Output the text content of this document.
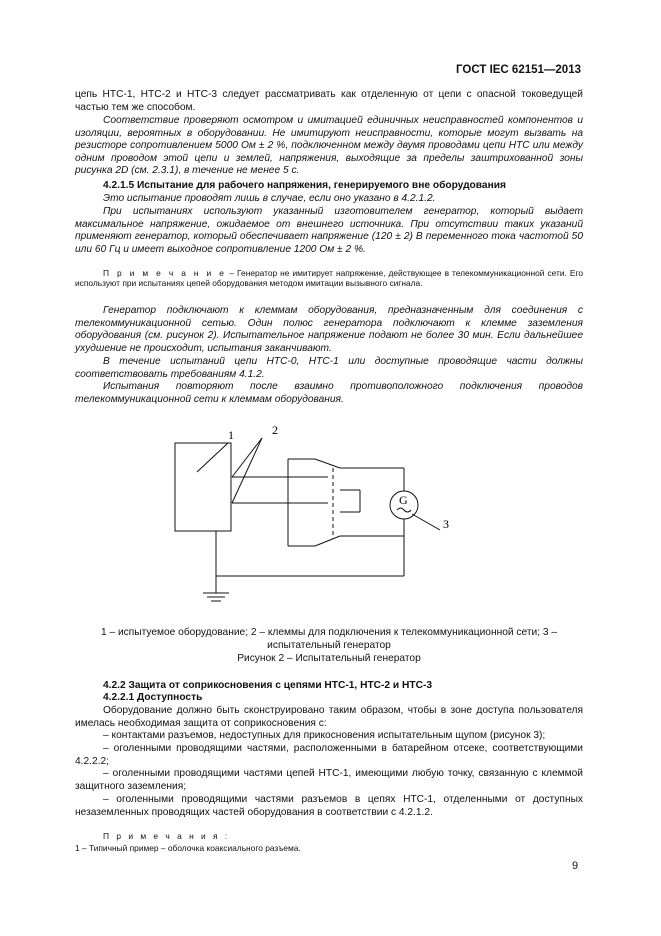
ГОСТ IEC 62151—2013

цепь НТС-1, НТС-2 и НТС-3 следует рассматривать как отделенную от цепи с опасной токоведущей частью тем же способом.

Соответствие проверяют осмотром и имитацией единичных неисправностей компонентов и изоляции, вероятных в оборудовании. Не имитируют неисправности, которые могут вызвать на резисторе сопротивлением 5000 Ом ± 2 %, подключенном между двумя проводами цепи НТС или между одним проводом этой цепи и землей, напряжения, выходящие за пределы заштрихованной зоны рисунка 2D (см. 2.3.1), в течение не менее 5 с.

4.2.1.5 Испытание для рабочего напряжения, генерируемого вне оборудования

Это испытание проводят лишь в случае, если оно указано в 4.2.1.2.

При испытаниях используют указанный изготовителем генератор, который выдает максимальное напряжение, ожидаемое от внешнего источника. При отсутствии таких указаний применяют генератор, который обеспечивает напряжение (120 ± 2) В переменного тока частотой 50 или 60 Гц и имеет выходное сопротивление 1200 Ом ± 2 %.

П р и м е ч а н и е – Генератор не имитирует напряжение, действующее в телекоммуникационной сети. Его используют при испытаниях цепей оборудования методом имитации вызывного сигнала.

Генератор подключают к клеммам оборудования, предназначенным для соединения с телекоммуникационной сетью. Один полюс генератора подключают к клемме заземления оборудования (см. рисунок 2). Испытательное напряжение подают не более 30 мин. Если дальнейшее ухудшение не происходит, испытания заканчивают.

В течение испытаний цепи НТС-0, НТС-1 или доступные проводящие части должны соответствовать требованиям 4.1.2.

Испытания повторяют после взаимно противоположного подключения проводов телекоммуникационной сети к клеммам оборудования.

1	2
3
G
1 – испытуемое оборудование; 2 – клеммы для подключения к телекоммуникационной сети; 3 – испытательный генератор
Рисунок 2 – Испытательный генератор

4.2.2 Защита от соприкосновения с цепями НТС-1, НТС-2 и НТС-3

4.2.2.1 Доступность

Оборудование должно быть сконструировано таким образом, чтобы в зоне доступа пользователя имелась необходимая защита от соприкосновения с:

– контактами разъемов, недоступных для прикосновения испытательным щупом (рисунок 3);

– оголенными проводящими частями, расположенными в батарейном отсеке, соответствующими 4.2.2.2;

– оголенными проводящими частями цепей НТС-1, имеющими любую точку, связанную с клеммой защитного заземления;

– оголенными проводящими частями разъемов в цепях НТС-1, отделенными от доступных незаземленных проводящих частей оборудования в соответствии с 4.2.1.2.

П р и м е ч а н и я :

1 – Типичный пример – оболочка коаксиального разъема.

9
